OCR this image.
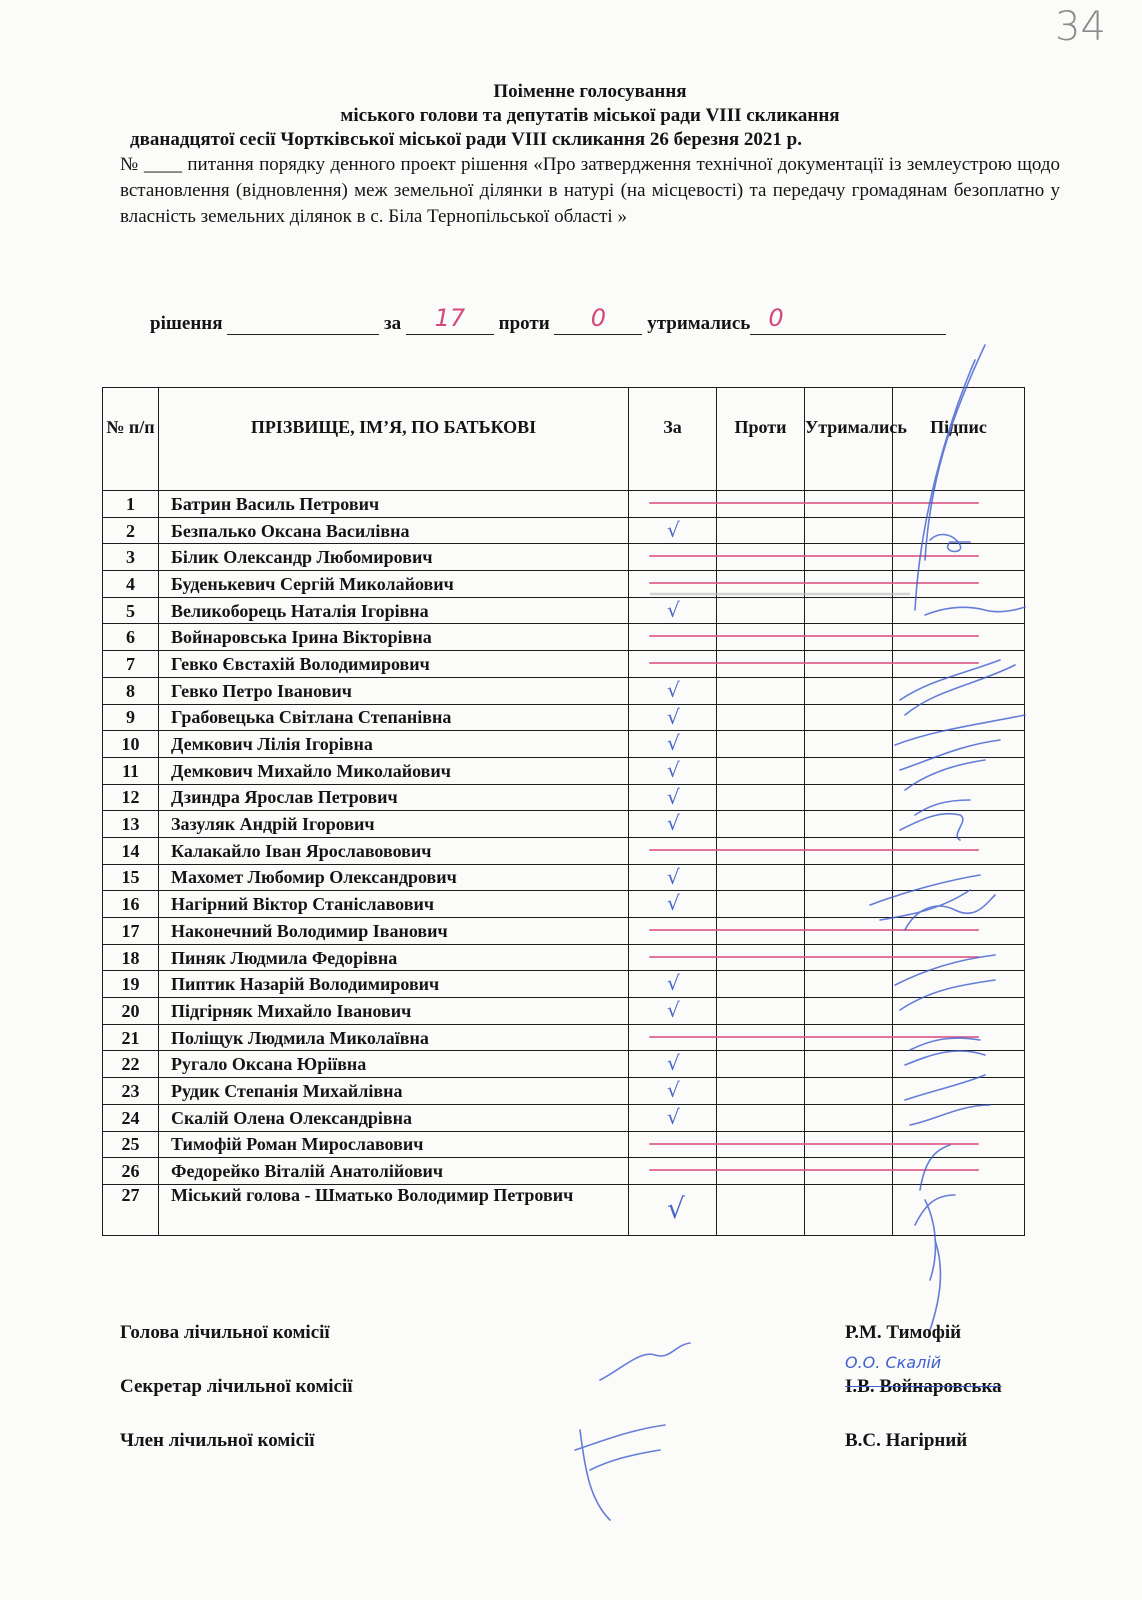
34
Поіменне голосування
міського голови та депутатів міської ради VIII скликання
дванадцятої сесії Чортківської міської ради VIII скликання 26 березня 2021 р.
№ ____ питання порядку денного проект рішення «Про затвердження технічної документації із землеустрою щодо встановлення (відновлення) меж земельної ділянки в натурі (на місцевості) та передачу громадянам безоплатно у власність земельних ділянок в с. Біла Тернопільської області »
рішення	за	17	проти	0	утримались 0
№ п/п	ПРІЗВИЩЕ, ІМ’Я, ПО БАТЬКОВІ	За	Проти	Утримались	Підпис
1	Батрин Василь Петрович	

2	Безпалько Оксана Василівна	√			

3	Білик Олександр Любомирович	

4	Буденькевич Сергій Миколайович	

5	Великоборець Наталія Ігорівна	√			

6	Войнаровська Ірина Вікторівна	

7	Гевко Євстахій Володимирович	

8	Гевко Петро Іванович	√			

9	Грабовецька Світлана Степанівна	√			

10	Демкович Лілія Ігорівна	√			

11	Демкович Михайло Миколайович	√			

12	Дзиндра Ярослав Петрович	√			

13	Зазуляк Андрій Ігорович	√			

14	Калакайло Іван Ярославовович	

15	Махомет Любомир Олександрович	√			

16	Нагірний Віктор Станіславович	√			

17	Наконечний Володимир Іванович	

18	Пиняк Людмила Федорівна	

19	Пиптик Назарій Володимирович	√			

20	Підгірняк Михайло Іванович	√			

21	Поліщук Людмила Миколаївна	

22	Ругало Оксана Юріївна	√			

23	Рудик Степанія Михайлівна	√			

24	Скалій Олена Олександрівна	√			

25	Тимофій Роман Мирославович	

26	Федорейко Віталій Анатолійович	

27	Міський голова - Шматько Володимир Петрович	√			

Голова лічильної комісії	Р.М. Тимофій
Секретар лічильної комісії
О.О. Скалій
І.В. Войнаровська
Член лічильної комісії	В.С. Нагірний
